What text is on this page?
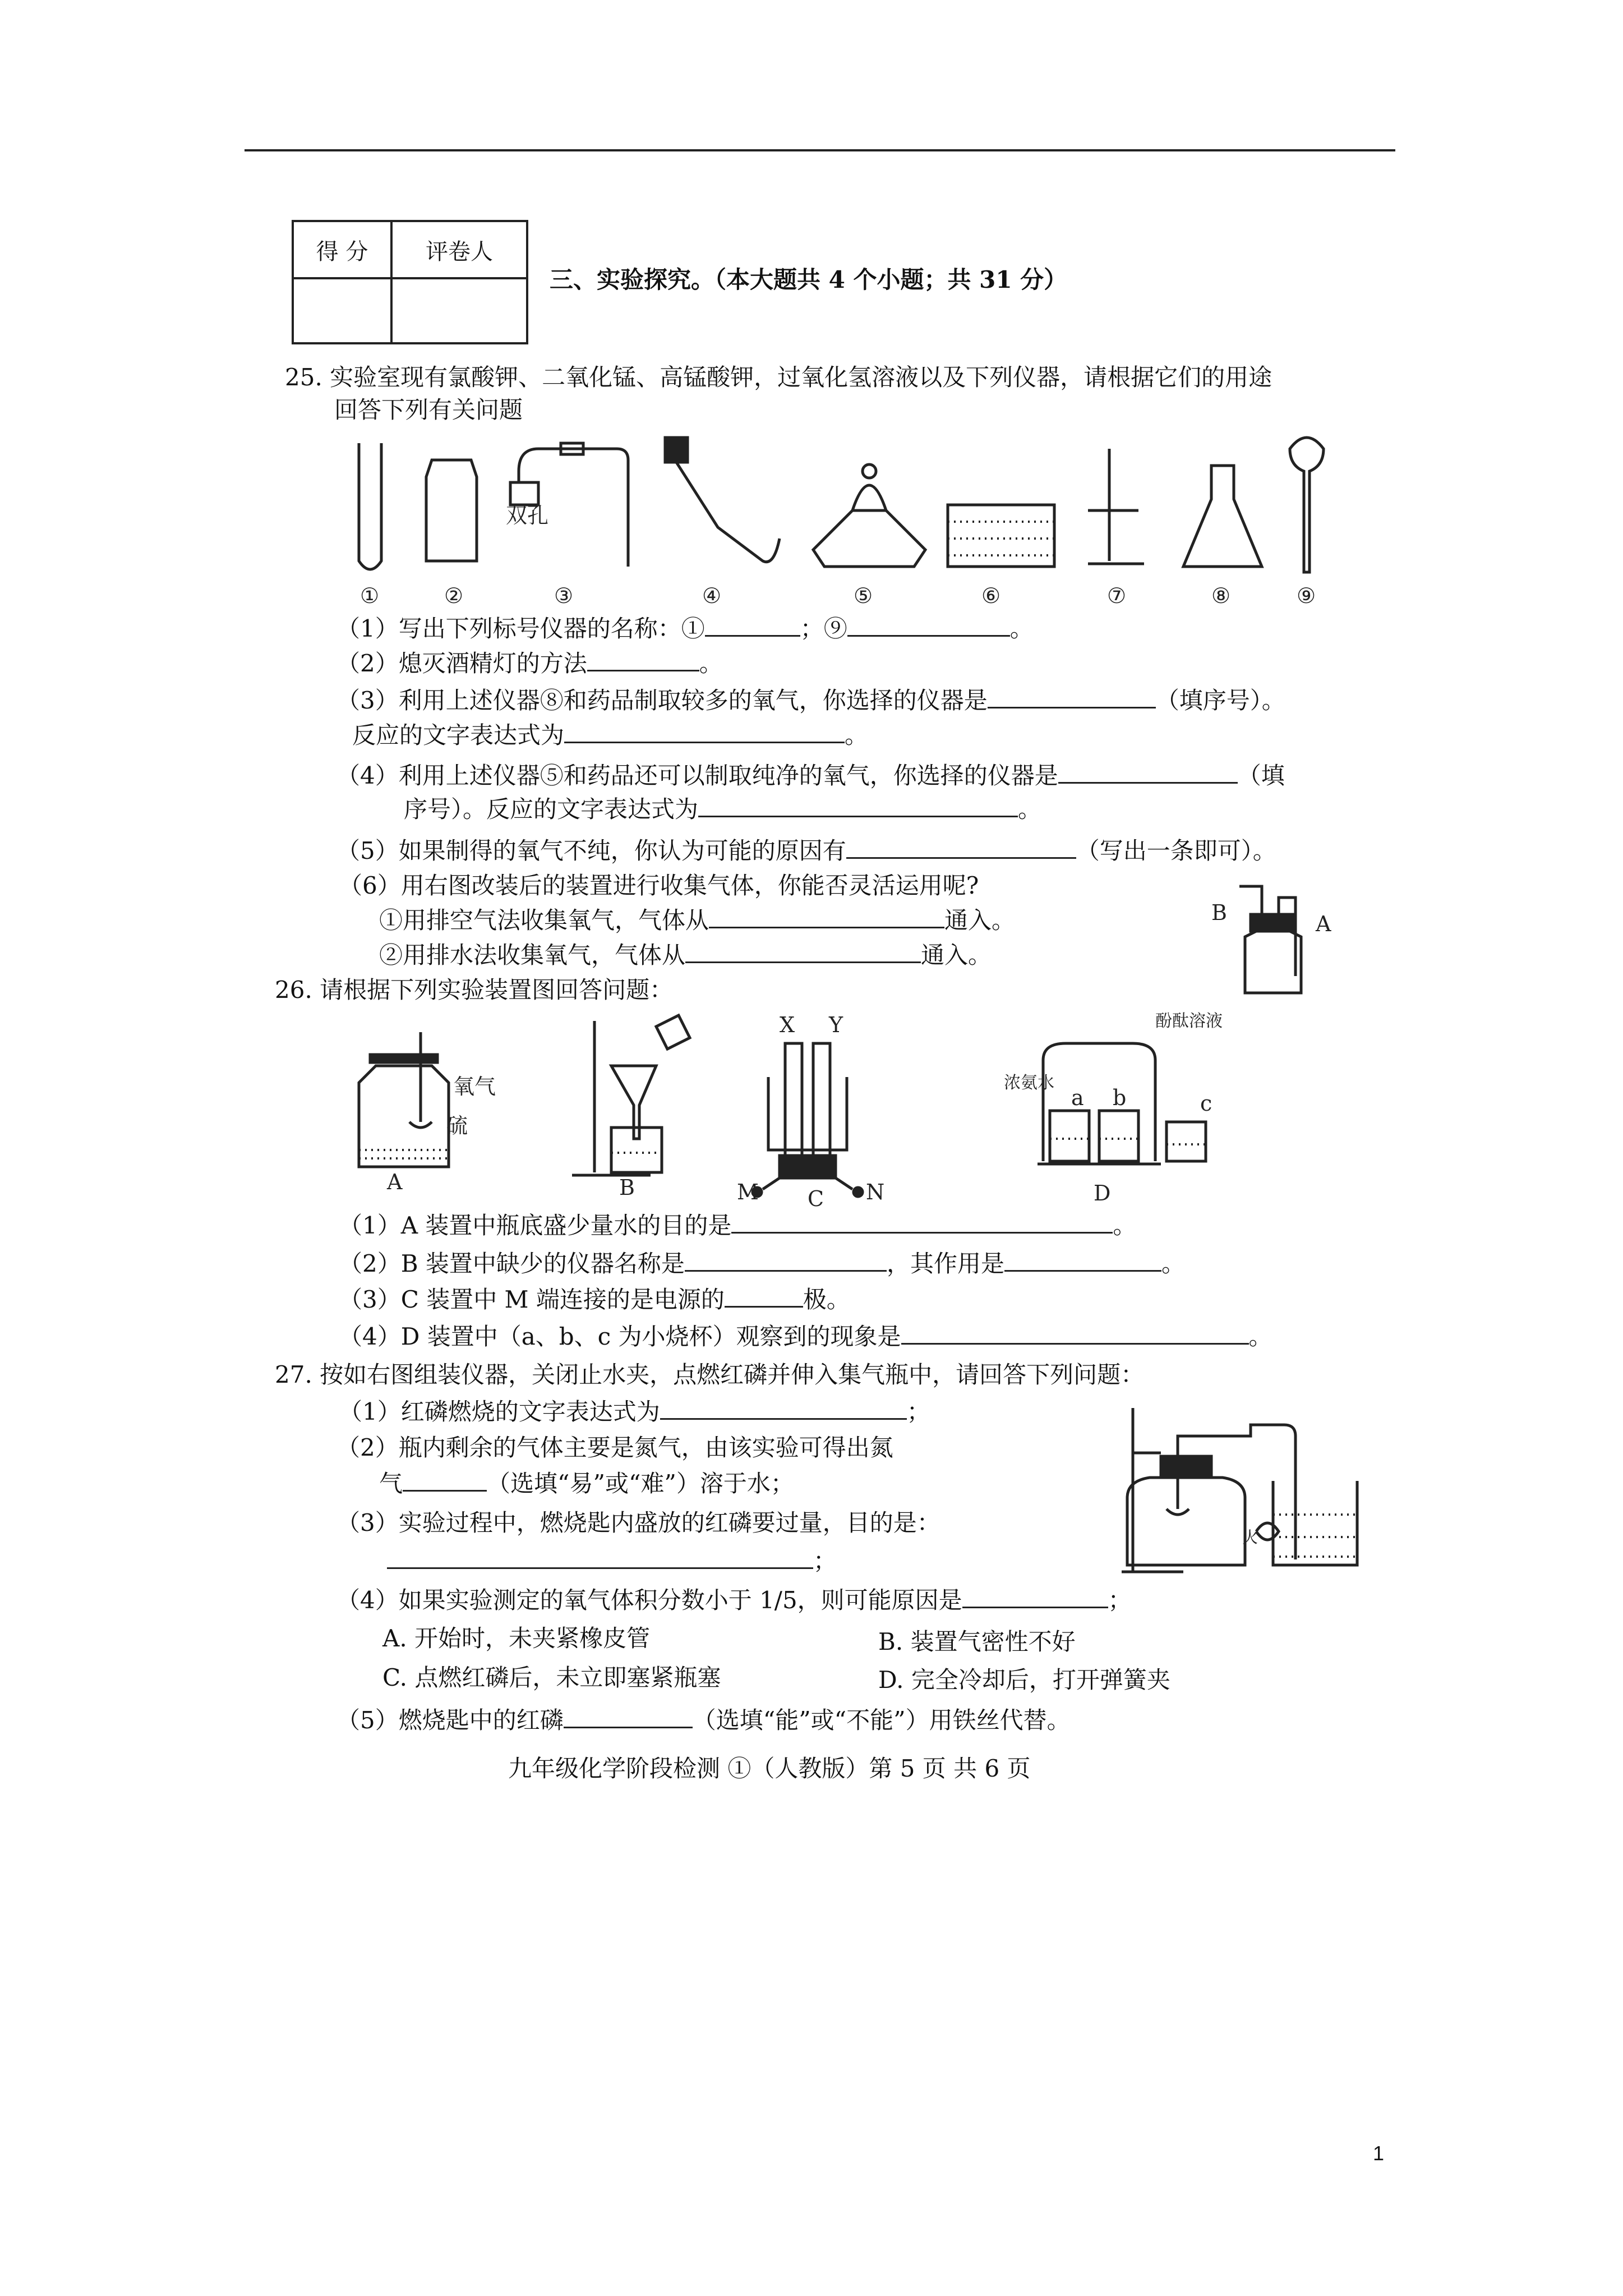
得 分	评卷人

三、实验探究。（本大题共 4 个小题；共 31 分）
25. 实验室现有氯酸钾、二氧化锰、高锰酸钾，过氧化氢溶液以及下列仪器，请根据它们的用途
回答下列有关问题
双孔
①	②	③	④	⑤	⑥	⑦	⑧	⑨
（1）写出下列标号仪器的名称：①	；⑨	。
（2）熄灭酒精灯的方法	。
（3）利用上述仪器⑧和药品制取较多的氧气，你选择的仪器是	（填序号）。
反应的文字表达式为	。
（4）利用上述仪器⑤和药品还可以制取纯净的氧气，你选择的仪器是	（填
序号）。反应的文字表达式为	。
（5）如果制得的氧气不纯，你认为可能的原因有	（写出一条即可）。
（6）用右图改装后的装置进行收集气体，你能否灵活运用呢?
①用排空气法收集氧气，气体从	通入。
②用排水法收集氧气，气体从	通入。
B	A
26. 请根据下列实验装置图回答问题：
氧气
硫
A	B
X Y
M	N
C
a b	c
浓氨水
酚酞溶液
D
（1）A 装置中瓶底盛少量水的目的是	。
（2）B 装置中缺少的仪器名称是	，其作用是	。
（3）C 装置中 M 端连接的是电源的	极。
（4）D 装置中（a、b、c 为小烧杯）观察到的现象是	。
27. 按如右图组装仪器，关闭止水夹，点燃红磷并伸入集气瓶中，请回答下列问题：
（1）红磷燃烧的文字表达式为	；
（2）瓶内剩余的气体主要是氮气，由该实验可得出氮
气	（选填“易”或“难”）溶于水；
（3）实验过程中，燃烧匙内盛放的红磷要过量，目的是：
；
（4）如果实验测定的氧气体积分数小于 1/5，则可能原因是	；
A. 开始时，未夹紧橡皮管	B. 装置气密性不好
C. 点燃红磷后，未立即塞紧瓶塞	D. 完全冷却后，打开弹簧夹
（5）燃烧匙中的红磷	（选填“能”或“不能”）用铁丝代替。
火
九年级化学阶段检测 ①（人教版）第 5 页 共 6 页
1
